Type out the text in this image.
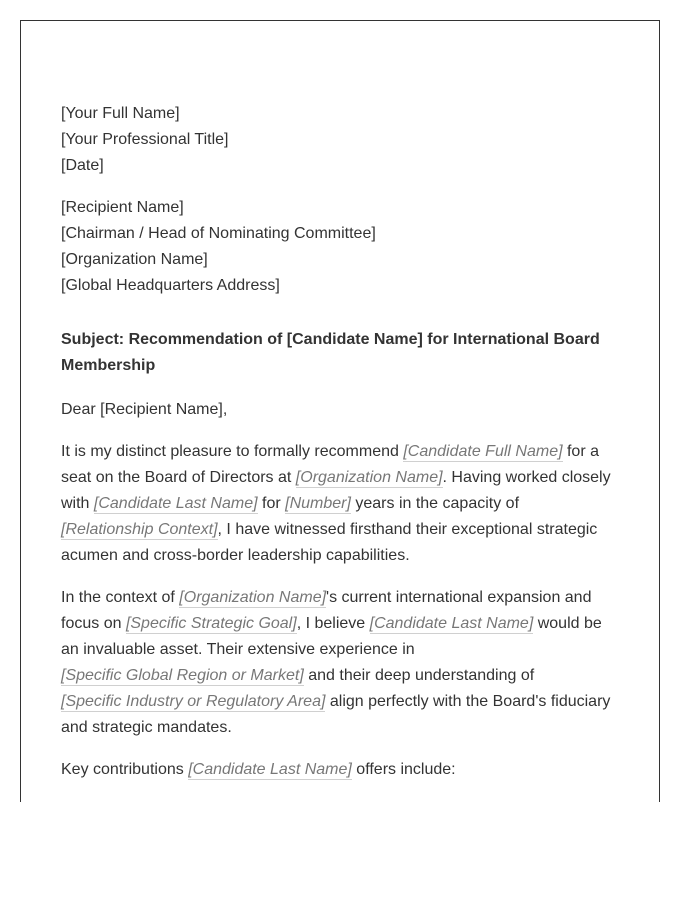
[Your Full Name]
[Your Professional Title]
[Date]
[Recipient Name]
[Chairman / Head of Nominating Committee]
[Organization Name]
[Global Headquarters Address]
Subject: Recommendation of [Candidate Name] for International Board
Membership
Dear [Recipient Name],
It is my distinct pleasure to formally recommend [Candidate Full Name] for a
seat on the Board of Directors at [Organization Name]. Having worked closely
with [Candidate Last Name] for [Number] years in the capacity of
[Relationship Context], I have witnessed firsthand their exceptional strategic
acumen and cross-border leadership capabilities.
In the context of [Organization Name]'s current international expansion and
focus on [Specific Strategic Goal], I believe [Candidate Last Name] would be
an invaluable asset. Their extensive experience in
[Specific Global Region or Market] and their deep understanding of
[Specific Industry or Regulatory Area] align perfectly with the Board's fiduciary
and strategic mandates.
Key contributions [Candidate Last Name] offers include:
